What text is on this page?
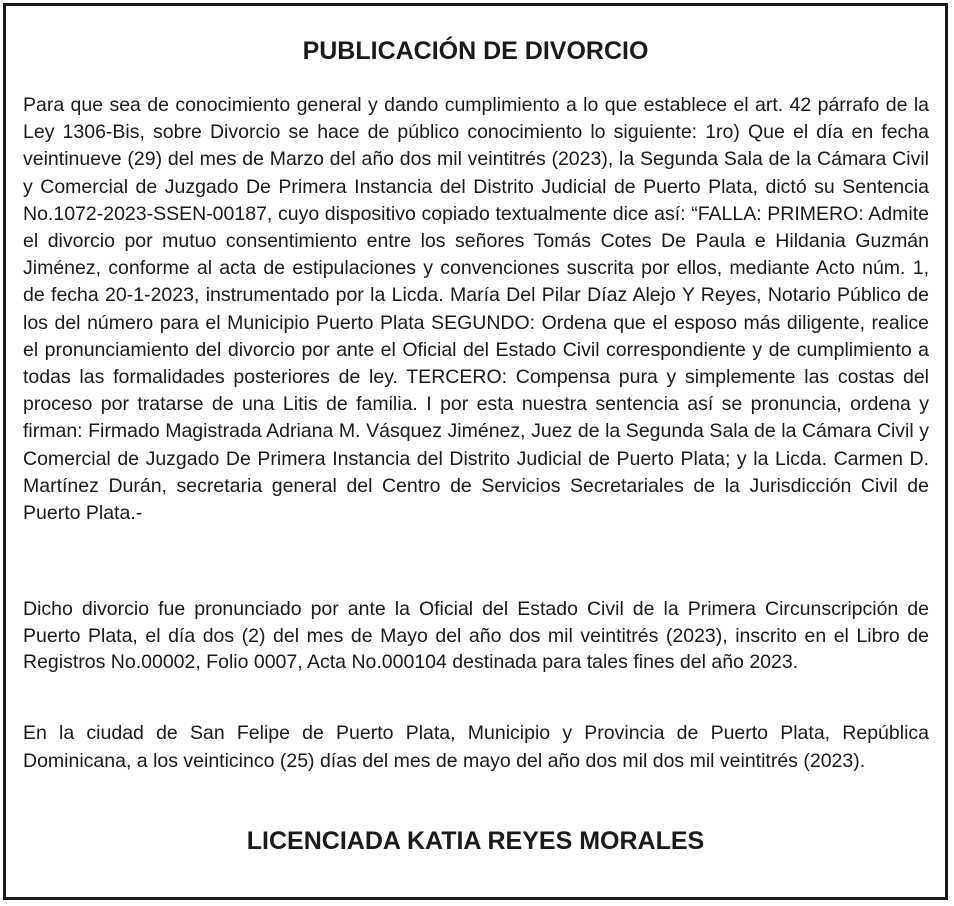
PUBLICACIÓN DE DIVORCIO

Para que sea de conocimiento general y dando cumplimiento a lo que establece el art. 42 párrafo de la Ley 1306-Bis, sobre Divorcio se hace de público conocimiento lo siguiente: 1ro) Que el día en fecha veintinueve (29) del mes de Marzo del año dos mil veintitrés (2023), la Segunda Sala de la Cámara Civil y Comercial de Juzgado De Primera Instancia del Distrito Judicial de Puerto Plata, dictó su Sentencia No.1072-2023-SSEN-00187, cuyo dispositivo copiado textualmente dice así: “FALLA: PRIMERO: Admite el divorcio por mutuo consentimiento entre los señores Tomás Cotes De Paula e Hildania Guzmán Jiménez, conforme al acta de estipulaciones y convenciones suscrita por ellos, mediante Acto núm. 1, de fecha 20-1-2023, instrumentado por la Licda. María Del Pilar Díaz Alejo Y Reyes, Notario Público de los del número para el Municipio Puerto Plata SEGUNDO: Ordena que el esposo más diligente, realice el pronunciamiento del divorcio por ante el Oficial del Estado Civil correspondiente y de cumplimiento a todas las formalidades posteriores de ley. TERCERO: Compensa pura y simplemente las costas del proceso por tratarse de una Litis de familia. I por esta nuestra sentencia así se pronuncia, ordena y firman: Firmado Magistrada Adriana M. Vásquez Jiménez, Juez de la Segunda Sala de la Cámara Civil y Comercial de Juzgado De Primera Instancia del Distrito Judicial de Puerto Plata; y la Licda. Carmen D. Martínez Durán, secretaria general del Centro de Servicios Secretariales de la Jurisdicción Civil de Puerto Plata.-

Dicho divorcio fue pronunciado por ante la Oficial del Estado Civil de la Primera Circunscripción de Puerto Plata, el día dos (2) del mes de Mayo del año dos mil veintitrés (2023), inscrito en el Libro de Registros No.00002, Folio 0007, Acta No.000104 destinada para tales fines del año 2023.

En la ciudad de San Felipe de Puerto Plata, Municipio y Provincia de Puerto Plata, República Dominicana, a los veinticinco (25) días del mes de mayo del año dos mil dos mil veintitrés (2023).

LICENCIADA KATIA REYES MORALES
